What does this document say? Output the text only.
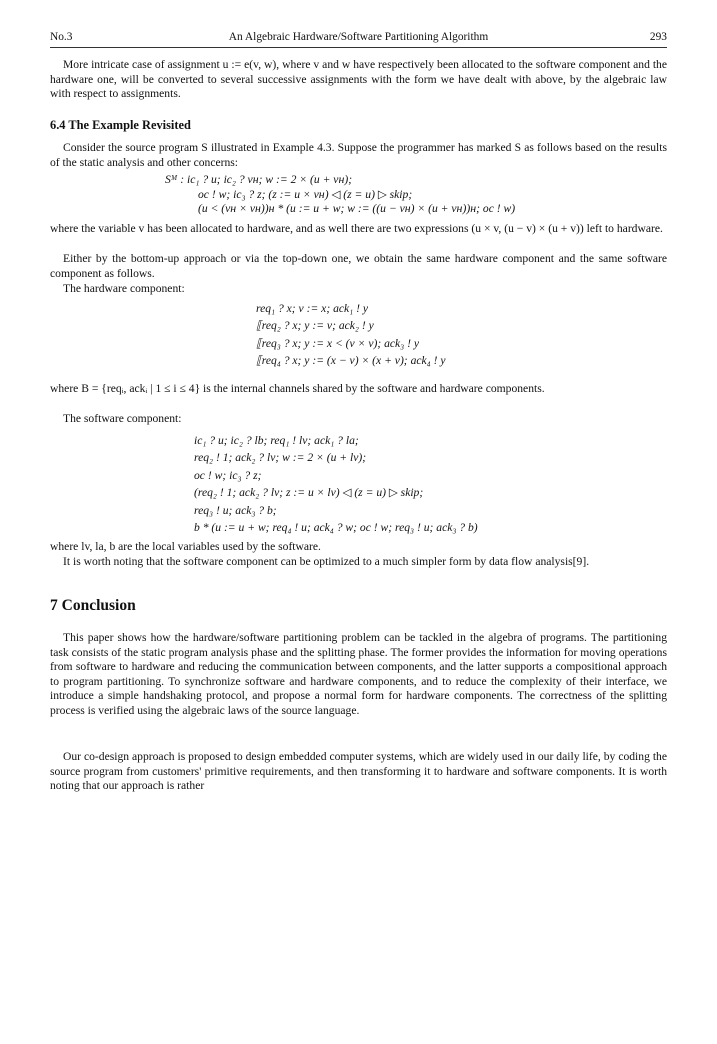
No.3	An Algebraic Hardware/Software Partitioning Algorithm	293

More intricate case of assignment u := e(v, w), where v and w have respectively been allocated to the software component and the hardware one, will be converted to several successive assignments with the form we have dealt with above, by the algebraic law with respect to assignments.

6.4 The Example Revisited

Consider the source program S illustrated in Example 4.3. Suppose the programmer has marked S as follows based on the results of the static analysis and other concerns:

Sᴹ : ic₁ ? u; ic₂ ? vʜ; w := 2 × (u + vʜ);
oc ! w; ic₃ ? z; (z := u × vʜ) ◁ (z = u) ▷ skip;
(u < (vʜ × vʜ))ʜ * (u := u + w; w := ((u − vʜ) × (u + vʜ))ʜ; oc ! w)

where the variable v has been allocated to hardware, and as well there are two expressions (u × v, (u − v) × (u + v)) left to hardware.

Either by the bottom-up approach or via the top-down one, we obtain the same hardware component and the same software component as follows.

The hardware component:

req₁ ? x; v := x; ack₁ ! y
⟦req₂ ? x; y := v; ack₂ ! y
⟦req₃ ? x; y := x < (v × v); ack₃ ! y
⟦req₄ ? x; y := (x − v) × (x + v); ack₄ ! y

where B = {reqᵢ, ackᵢ | 1 ≤ i ≤ 4} is the internal channels shared by the software and hardware components.

The software component:

ic₁ ? u; ic₂ ? lb; req₁ ! lv; ack₁ ? la;
req₂ ! 1; ack₂ ? lv; w := 2 × (u + lv);
oc ! w; ic₃ ? z;
(req₂ ! 1; ack₂ ? lv; z := u × lv) ◁ (z = u) ▷ skip;
req₃ ! u; ack₃ ? b;
b * (u := u + w; req₄ ! u; ack₄ ? w; oc ! w; req₃ ! u; ack₃ ? b)

where lv, la, b are the local variables used by the software.

It is worth noting that the software component can be optimized to a much simpler form by data flow analysis[9].

7 Conclusion

This paper shows how the hardware/software partitioning problem can be tackled in the algebra of programs. The partitioning task consists of the static program analysis phase and the splitting phase. The former provides the information for moving operations from software to hardware and reducing the communication between components, and the latter supports a compositional approach to program partitioning. To synchronize software and hardware components, and to reduce the complexity of their interface, we introduce a simple handshaking protocol, and propose a normal form for hardware components. The correctness of the splitting process is verified using the algebraic laws of the source language.

Our co-design approach is proposed to design embedded computer systems, which are widely used in our daily life, by coding the source program from customers' primitive requirements, and then transforming it to hardware and software components. It is worth noting that our approach is rather
